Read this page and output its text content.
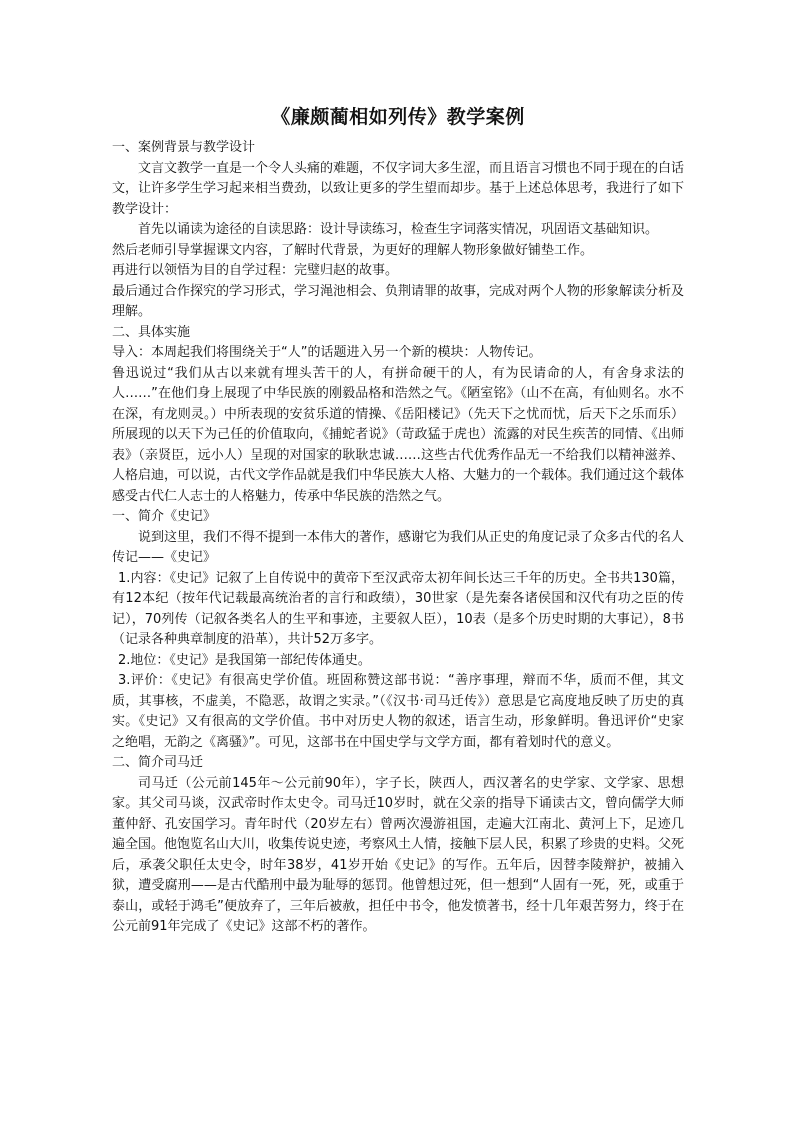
《廉颇蔺相如列传》教学案例
一、案例背景与教学设计
文言文教学一直是一个令人头痛的难题，不仅字词大多生涩，而且语言习惯也不同于现在的白话文，让许多学生学习起来相当费劲，以致让更多的学生望而却步。基于上述总体思考，我进行了如下教学设计：
首先以诵读为途径的自读思路：设计导读练习，检查生字词落实情况，巩固语文基础知识。
然后老师引导掌握课文内容，了解时代背景，为更好的理解人物形象做好铺垫工作。
再进行以领悟为目的自学过程：完璧归赵的故事。
最后通过合作探究的学习形式，学习渑池相会、负荆请罪的故事，完成对两个人物的形象解读分析及理解。
二、具体实施
导入：本周起我们将围绕关于“人”的话题进入另一个新的模块：人物传记。
鲁迅说过“我们从古以来就有埋头苦干的人，有拼命硬干的人，有为民请命的人，有舍身求法的人……”在他们身上展现了中华民族的刚毅品格和浩然之气。《陋室铭》（山不在高，有仙则名。水不在深，有龙则灵。）中所表现的安贫乐道的情操、《岳阳楼记》（先天下之忧而忧，后天下之乐而乐）所展现的以天下为己任的价值取向，《捕蛇者说》（苛政猛于虎也）流露的对民生疾苦的同情、《出师表》（亲贤臣，远小人）呈现的对国家的耿耿忠诚……这些古代优秀作品无一不给我们以精神滋养、人格启迪，可以说，古代文学作品就是我们中华民族大人格、大魅力的一个载体。我们通过这个载体感受古代仁人志士的人格魅力，传承中华民族的浩然之气。
一、简介《史记》
说到这里，我们不得不提到一本伟大的著作，感谢它为我们从正史的角度记录了众多古代的名人传记——《史记》
1.内容：《史记》记叙了上自传说中的黄帝下至汉武帝太初年间长达三千年的历史。全书共130篇，有12本纪（按年代记载最高统治者的言行和政绩），30世家（是先秦各诸侯国和汉代有功之臣的传记），70列传（记叙各类名人的生平和事迹，主要叙人臣），10表（是多个历史时期的大事记），8书（记录各种典章制度的沿革），共计52万多字。
2.地位：《史记》是我国第一部纪传体通史。
3.评价：《史记》有很高史学价值。班固称赞这部书说：“善序事理，辩而不华，质而不俚，其文质，其事核，不虚美，不隐恶，故谓之实录。”（《汉书·司马迁传》）意思是它高度地反映了历史的真实。《史记》又有很高的文学价值。书中对历史人物的叙述，语言生动，形象鲜明。鲁迅评价“史家之绝唱，无韵之《离骚》”。可见，这部书在中国史学与文学方面，都有着划时代的意义。
二、简介司马迁
司马迁（公元前145年～公元前90年），字子长，陕西人，西汉著名的史学家、文学家、思想家。其父司马谈，汉武帝时作太史令。司马迁10岁时，就在父亲的指导下诵读古文，曾向儒学大师董仲舒、孔安国学习。青年时代（20岁左右）曾两次漫游祖国，走遍大江南北、黄河上下，足迹几遍全国。他饱览名山大川，收集传说史迹，考察风土人情，接触下层人民，积累了珍贵的史料。父死后，承袭父职任太史令，时年38岁，41岁开始《史记》的写作。五年后，因替李陵辩护，被捕入狱，遭受腐刑——是古代酷刑中最为耻辱的惩罚。他曾想过死，但一想到“人固有一死，死，或重于泰山，或轻于鸿毛”便放弃了，三年后被赦，担任中书令，他发愤著书，经十几年艰苦努力，终于在公元前91年完成了《史记》这部不朽的著作。
